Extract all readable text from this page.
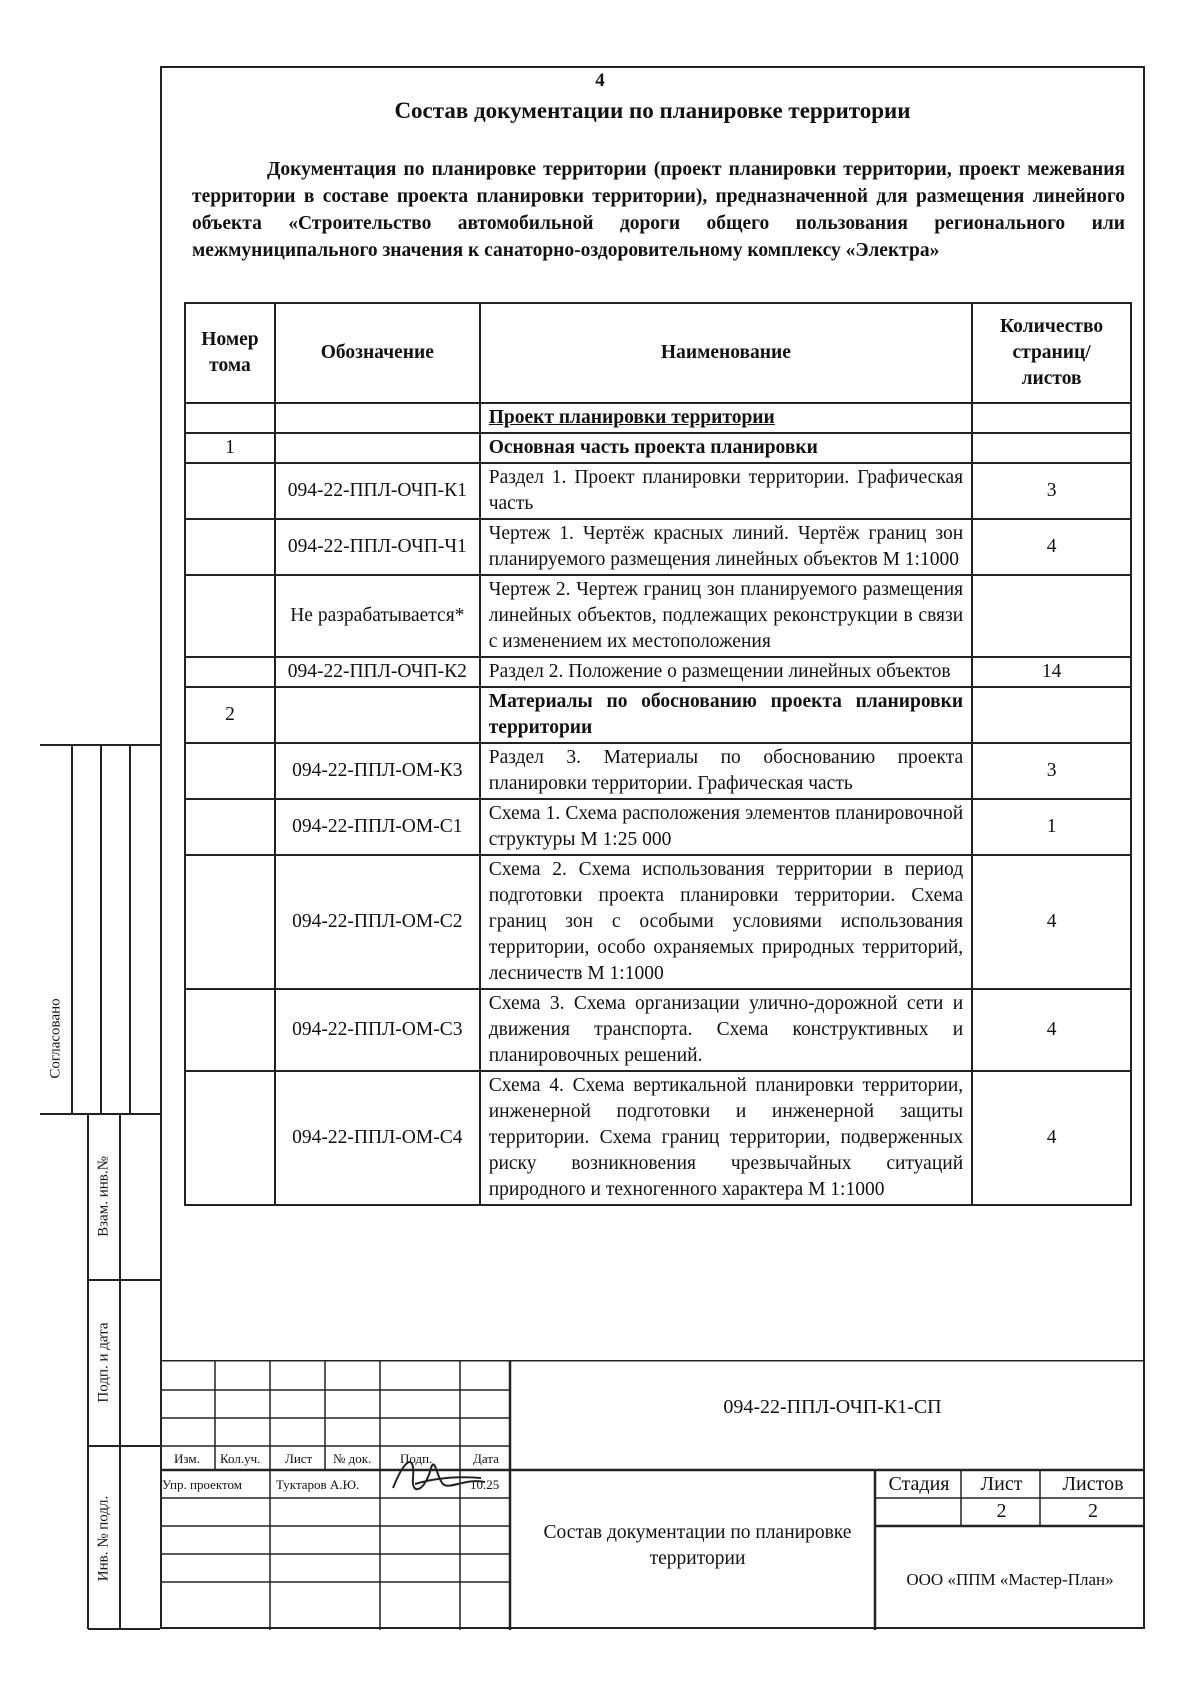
4
Состав документации по планировке территории

Документация по планировке территории (проект планировки территории, проект межевания территории в составе проекта планировки территории), предназначенной для размещения линейного объекта «Строительство автомобильной дороги общего пользования регионального или межмуниципального значения к санаторно-оздоровительному комплексу «Электра»

Номер тома	Обозначение	Наименование	Количество страниц/ листов
		Проект планировки территории	
1		Основная часть проекта планировки	
	094-22-ППЛ-ОЧП-К1	Раздел 1. Проект планировки территории. Графическая часть	3
	094-22-ППЛ-ОЧП-Ч1	Чертеж 1. Чертёж красных линий. Чертёж границ зон планируемого размещения линейных объектов М 1:1000	4
	Не разрабатывается*	Чертеж 2. Чертеж границ зон планируемого размещения линейных объектов, подлежащих реконструкции в связи с изменением их местоположения	
	094-22-ППЛ-ОЧП-К2	Раздел 2. Положение о размещении линейных объектов	14
2		Материалы по обоснованию проекта планировки территории	
	094-22-ППЛ-ОМ-К3	Раздел 3. Материалы по обоснованию проекта планировки территории. Графическая часть	3
	094-22-ППЛ-ОМ-С1	Схема 1. Схема расположения элементов планировочной структуры М 1:25 000	1
	094-22-ППЛ-ОМ-С2	Схема 2. Схема использования территории в период подготовки проекта планировки территории. Схема границ зон с особыми условиями использования территории, особо охраняемых природных территорий, лесничеств М 1:1000	4
	094-22-ППЛ-ОМ-С3	Схема 3. Схема организации улично-дорожной сети и движения транспорта. Схема конструктивных и планировочных решений.	4
	094-22-ППЛ-ОМ-С4	Схема 4. Схема вертикальной планировки территории, инженерной подготовки и инженерной защиты территории. Схема границ территории, подверженных риску возникновения чрезвычайных ситуаций природного и техногенного характера М 1:1000	4
Согласовано
Взам. инв.№
Подп. и дата
Инв. № подл.
094-22-ППЛ-ОЧП-К1-СП
Изм. Кол.уч. Лист № док. Подп.	Дата
Упр. проектом	Туктаров А.Ю.	10.25
Состав документации по планировке территории
Стадия	Лист	Листов
2	2
ООО «ППМ «Мастер-План»
